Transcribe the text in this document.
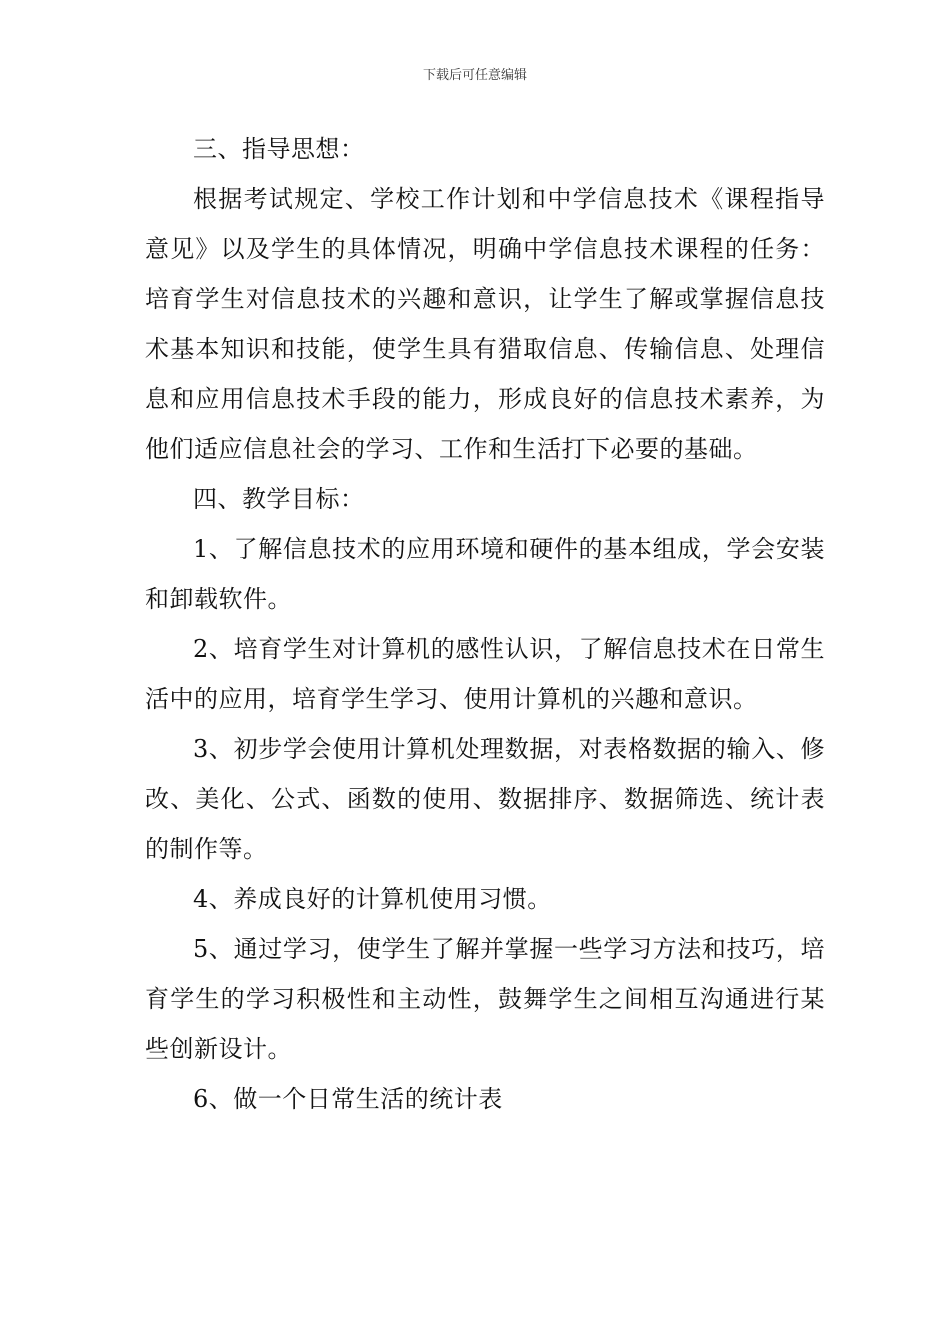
下载后可任意编辑

三、指导思想：

根据考试规定、学校工作计划和中学信息技术《课程指导意见》以及学生的具体情况，明确中学信息技术课程的任务：培育学生对信息技术的兴趣和意识，让学生了解或掌握信息技术基本知识和技能，使学生具有猎取信息、传输信息、处理信息和应用信息技术手段的能力，形成良好的信息技术素养，为他们适应信息社会的学习、工作和生活打下必要的基础。

四、教学目标：

1、了解信息技术的应用环境和硬件的基本组成，学会安装和卸载软件。

2、培育学生对计算机的感性认识，了解信息技术在日常生活中的应用，培育学生学习、使用计算机的兴趣和意识。

3、初步学会使用计算机处理数据，对表格数据的输入、修改、美化、公式、函数的使用、数据排序、数据筛选、统计表的制作等。

4、养成良好的计算机使用习惯。

5、通过学习，使学生了解并掌握一些学习方法和技巧，培育学生的学习积极性和主动性，鼓舞学生之间相互沟通进行某些创新设计。

6、做一个日常生活的统计表
